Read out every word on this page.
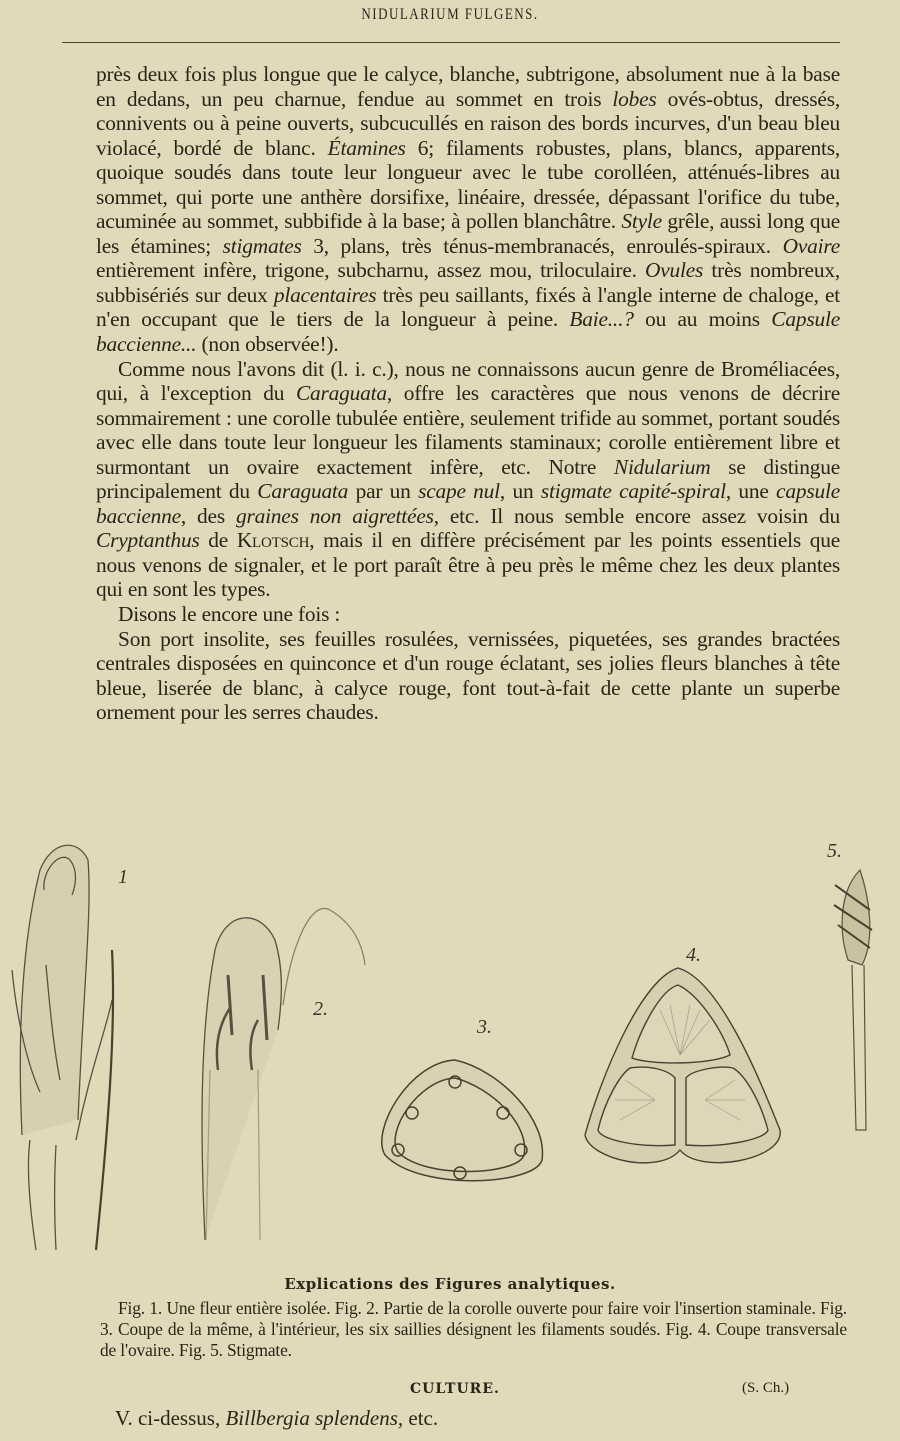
NIDULARIUM FULGENS.

près deux fois plus longue que le calyce, blanche, subtrigone, absolument nue à la base en dedans, un peu charnue, fendue au sommet en trois lobes ovés-obtus, dressés, connivents ou à peine ouverts, subcucullés en raison des bords incurves, d'un beau bleu violacé, bordé de blanc. Étamines 6; filaments robustes, plans, blancs, apparents, quoique soudés dans toute leur longueur avec le tube corolléen, atténués-libres au sommet, qui porte une anthère dorsifixe, linéaire, dressée, dépassant l'orifice du tube, acuminée au sommet, subbifide à la base; à pollen blanchâtre. Style grêle, aussi long que les étamines; stigmates 3, plans, très ténus-membranacés, enroulés-spiraux. Ovaire entièrement infère, trigone, subcharnu, assez mou, triloculaire. Ovules très nombreux, subbisériés sur deux placentaires très peu saillants, fixés à l'angle interne de chaloge, et n'en occupant que le tiers de la longueur à peine. Baie...? ou au moins Capsule baccienne... (non observée!).

Comme nous l'avons dit (l. i. c.), nous ne connaissons aucun genre de Broméliacées, qui, à l'exception du Caraguata, offre les caractères que nous venons de décrire sommairement : une corolle tubulée entière, seulement trifide au sommet, portant soudés avec elle dans toute leur longueur les filaments staminaux; corolle entièrement libre et surmontant un ovaire exactement infère, etc. Notre Nidularium se distingue principalement du Caraguata par un scape nul, un stigmate capité-spiral, une capsule baccienne, des graines non aigrettées, etc. Il nous semble encore assez voisin du Cryptanthus de Klotsch, mais il en diffère précisément par les points essentiels que nous venons de signaler, et le port paraît être à peu près le même chez les deux plantes qui en sont les types.

Disons le encore une fois :

Son port insolite, ses feuilles rosulées, vernissées, piquetées, ses grandes bractées centrales disposées en quinconce et d'un rouge éclatant, ses jolies fleurs blanches à tête bleue, liserée de blanc, à calyce rouge, font tout-à-fait de cette plante un superbe ornement pour les serres chaudes.

1
2.
3.
4.
5.
Explications des Figures analytiques.

Fig. 1. Une fleur entière isolée. Fig. 2. Partie de la corolle ouverte pour faire voir l'insertion staminale. Fig. 3. Coupe de la même, à l'intérieur, les six saillies désignent les filaments soudés. Fig. 4. Coupe transversale de l'ovaire. Fig. 5. Stigmate.

CULTURE.	(S. Ch.)
V. ci-dessus, Billbergia splendens, etc.
